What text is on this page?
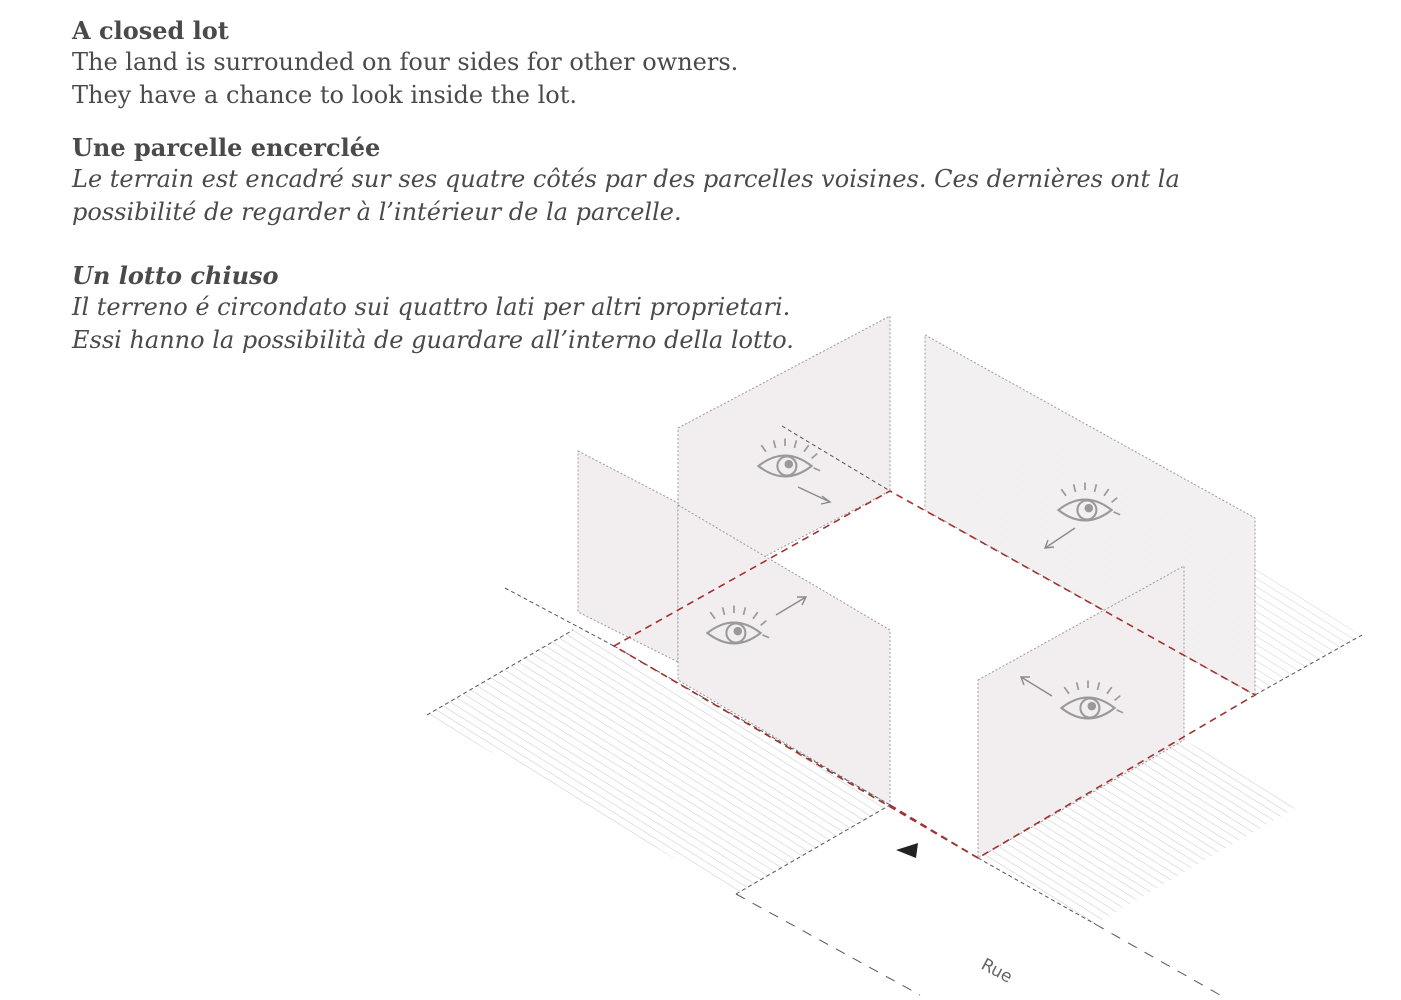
A closed lot
The land is surrounded on four sides for other owners.
They have a chance to look inside the lot.
Une parcelle encerclée
Le terrain est encadré sur ses quatre côtés par des parcelles voisines. Ces dernières ont la
possibilité de regarder à l’intérieur de la parcelle.
Un lotto chiuso
Il terreno é circondato sui quattro lati per altri proprietari.
Essi hanno la possibilità de guardare all’interno della lotto.
Rue
